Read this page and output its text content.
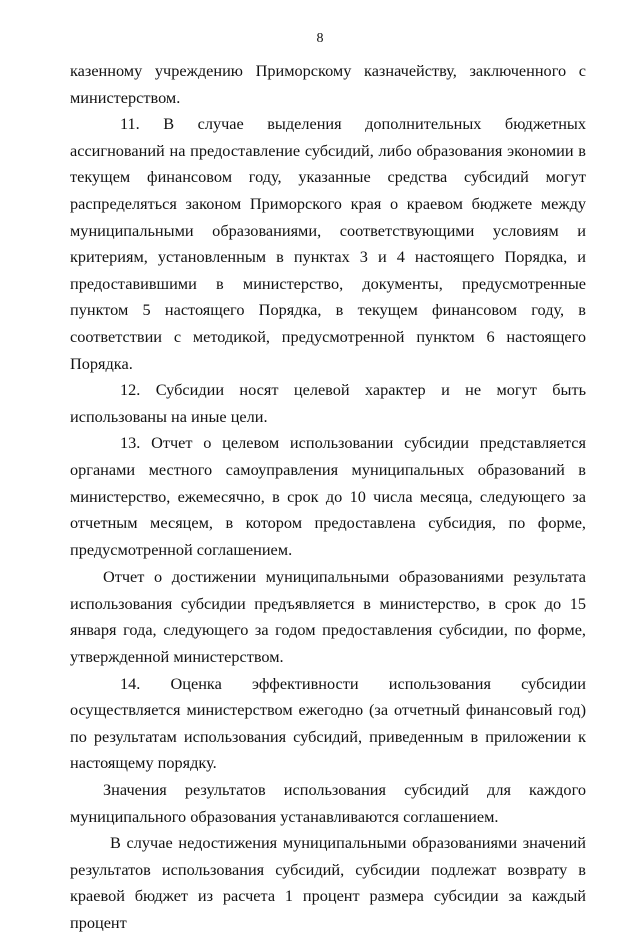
8

казенному учреждению Приморскому казначейству, заключенного с министерством.

11. В случае выделения дополнительных бюджетных ассигнований на предоставление субсидий, либо образования экономии в текущем финансовом году, указанные средства субсидий могут распределяться законом Приморского края о краевом бюджете между муниципальными образованиями, соответствующими условиям и критериям, установленным в пунктах 3 и 4 настоящего Порядка, и предоставившими в министерство, документы, предусмотренные пунктом 5 настоящего Порядка, в текущем финансовом году, в соответствии с методикой, предусмотренной пунктом 6 настоящего Порядка.

12. Субсидии носят целевой характер и не могут быть использованы на иные цели.

13. Отчет о целевом использовании субсидии представляется органами местного самоуправления муниципальных образований в министерство, ежемесячно, в срок до 10 числа месяца, следующего за отчетным месяцем, в котором предоставлена субсидия, по форме, предусмотренной соглашением.

Отчет о достижении муниципальными образованиями результата использования субсидии предъявляется в министерство, в срок до 15 января года, следующего за годом предоставления субсидии, по форме, утвержденной министерством.

14. Оценка эффективности использования субсидии осуществляется министерством ежегодно (за отчетный финансовый год) по результатам использования субсидий, приведенным в приложении к настоящему порядку.

Значения результатов использования субсидий для каждого муниципального образования устанавливаются соглашением.

В случае недостижения муниципальными образованиями значений результатов использования субсидий, субсидии подлежат возврату в краевой бюджет из расчета 1 процент размера субсидии за каждый процент
